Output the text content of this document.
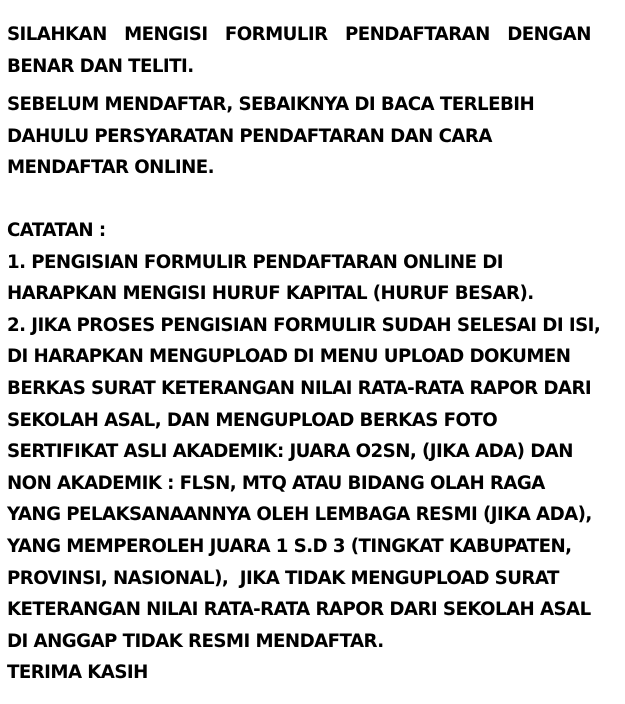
SILAHKAN   MENGISI   FORMULIR   PENDAFTARAN   DENGAN
BENAR DAN TELITI.

SEBELUM MENDAFTAR, SEBAIKNYA DI BACA TERLEBIH
DAHULU PERSYARATAN PENDAFTARAN DAN CARA
MENDAFTAR ONLINE.

CATATAN :
1. PENGISIAN FORMULIR PENDAFTARAN ONLINE DI
HARAPKAN MENGISI HURUF KAPITAL (HURUF BESAR).
2. JIKA PROSES PENGISIAN FORMULIR SUDAH SELESAI DI ISI,
DI HARAPKAN MENGUPLOAD DI MENU UPLOAD DOKUMEN
BERKAS SURAT KETERANGAN NILAI RATA-RATA RAPOR DARI
SEKOLAH ASAL, DAN MENGUPLOAD BERKAS FOTO
SERTIFIKAT ASLI AKADEMIK: JUARA O2SN, (JIKA ADA) DAN
NON AKADEMIK : FLSN, MTQ ATAU BIDANG OLAH RAGA
YANG PELAKSANAANNYA OLEH LEMBAGA RESMI (JIKA ADA),
YANG MEMPEROLEH JUARA 1 S.D 3 (TINGKAT KABUPATEN,
PROVINSI, NASIONAL),  JIKA TIDAK MENGUPLOAD SURAT
KETERANGAN NILAI RATA-RATA RAPOR DARI SEKOLAH ASAL
DI ANGGAP TIDAK RESMI MENDAFTAR.
TERIMA KASIH
